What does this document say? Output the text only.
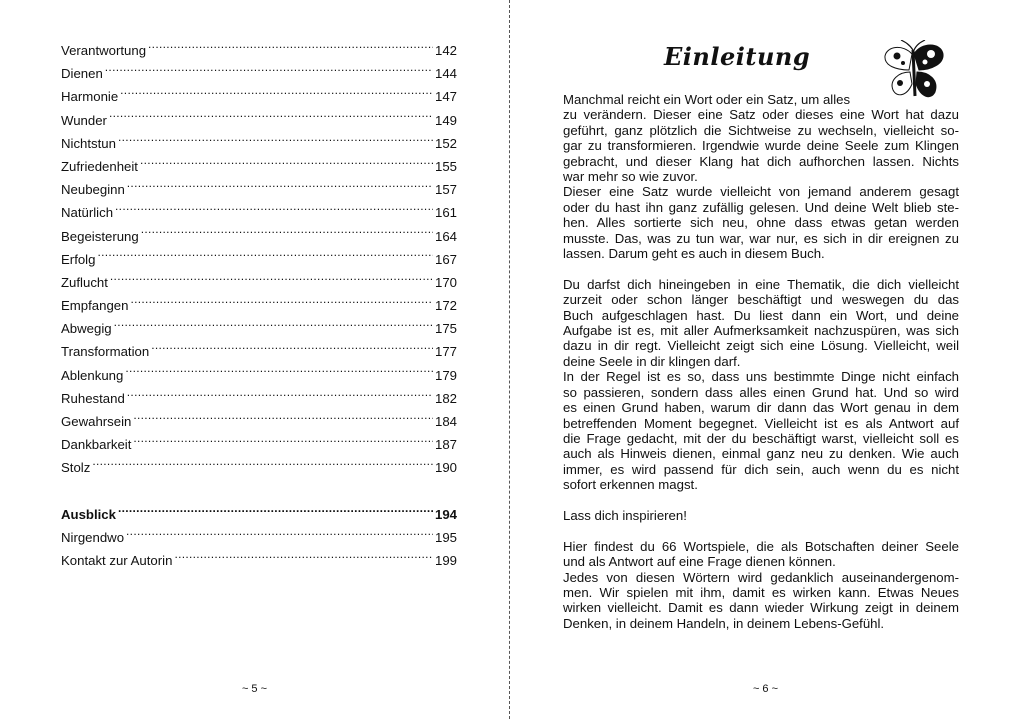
Verantwortung .....	142
Dienen .....	144
Harmonie .....	147
Wunder .....	149
Nichtstun .....	152
Zufriedenheit .....	155
Neubeginn .....	157
Natürlich .....	161
Begeisterung .....	164
Erfolg .....	167
Zuflucht .....	170
Empfangen .....	172
Abwegig .....	175
Transformation .....	177
Ablenkung .....	179
Ruhestand .....	182
Gewahrsein .....	184
Dankbarkeit .....	187
Stolz .....	190
Ausblick .....	194
Nirgendwo .....	195
Kontakt zur Autorin .....	199
~ 5 ~
Einleitung
Manchmal reicht ein Wort oder ein Satz, um alles
zu verändern. Dieser eine Satz oder dieses eine Wort hat dazu
geführt, ganz plötzlich die Sichtweise zu wechseln, vielleicht so-
gar zu transformieren. Irgendwie wurde deine Seele zum Klingen
gebracht, und dieser Klang hat dich aufhorchen lassen. Nichts
war mehr so wie zuvor.
Dieser eine Satz wurde vielleicht von jemand anderem gesagt
oder du hast ihn ganz zufällig gelesen. Und deine Welt blieb ste-
hen. Alles sortierte sich neu, ohne dass etwas getan werden
musste. Das, was zu tun war, war nur, es sich in dir ereignen zu
lassen. Darum geht es auch in diesem Buch.
Du darfst dich hineingeben in eine Thematik, die dich vielleicht
zurzeit oder schon länger beschäftigt und weswegen du das
Buch aufgeschlagen hast. Du liest dann ein Wort, und deine
Aufgabe ist es, mit aller Aufmerksamkeit nachzuspüren, was sich
dazu in dir regt. Vielleicht zeigt sich eine Lösung. Vielleicht, weil
deine Seele in dir klingen darf.
In der Regel ist es so, dass uns bestimmte Dinge nicht einfach
so passieren, sondern dass alles einen Grund hat. Und so wird
es einen Grund haben, warum dir dann das Wort genau in dem
betreffenden Moment begegnet. Vielleicht ist es als Antwort auf
die Frage gedacht, mit der du beschäftigt warst, vielleicht soll es
auch als Hinweis dienen, einmal ganz neu zu denken. Wie auch
immer, es wird passend für dich sein, auch wenn du es nicht
sofort erkennen magst.
Lass dich inspirieren!
Hier findest du 66 Wortspiele, die als Botschaften deiner Seele
und als Antwort auf eine Frage dienen können.
Jedes von diesen Wörtern wird gedanklich auseinandergenom-
men. Wir spielen mit ihm, damit es wirken kann. Etwas Neues
wirken vielleicht. Damit es dann wieder Wirkung zeigt in deinem
Denken, in deinem Handeln, in deinem Lebens-Gefühl.
~ 6 ~
